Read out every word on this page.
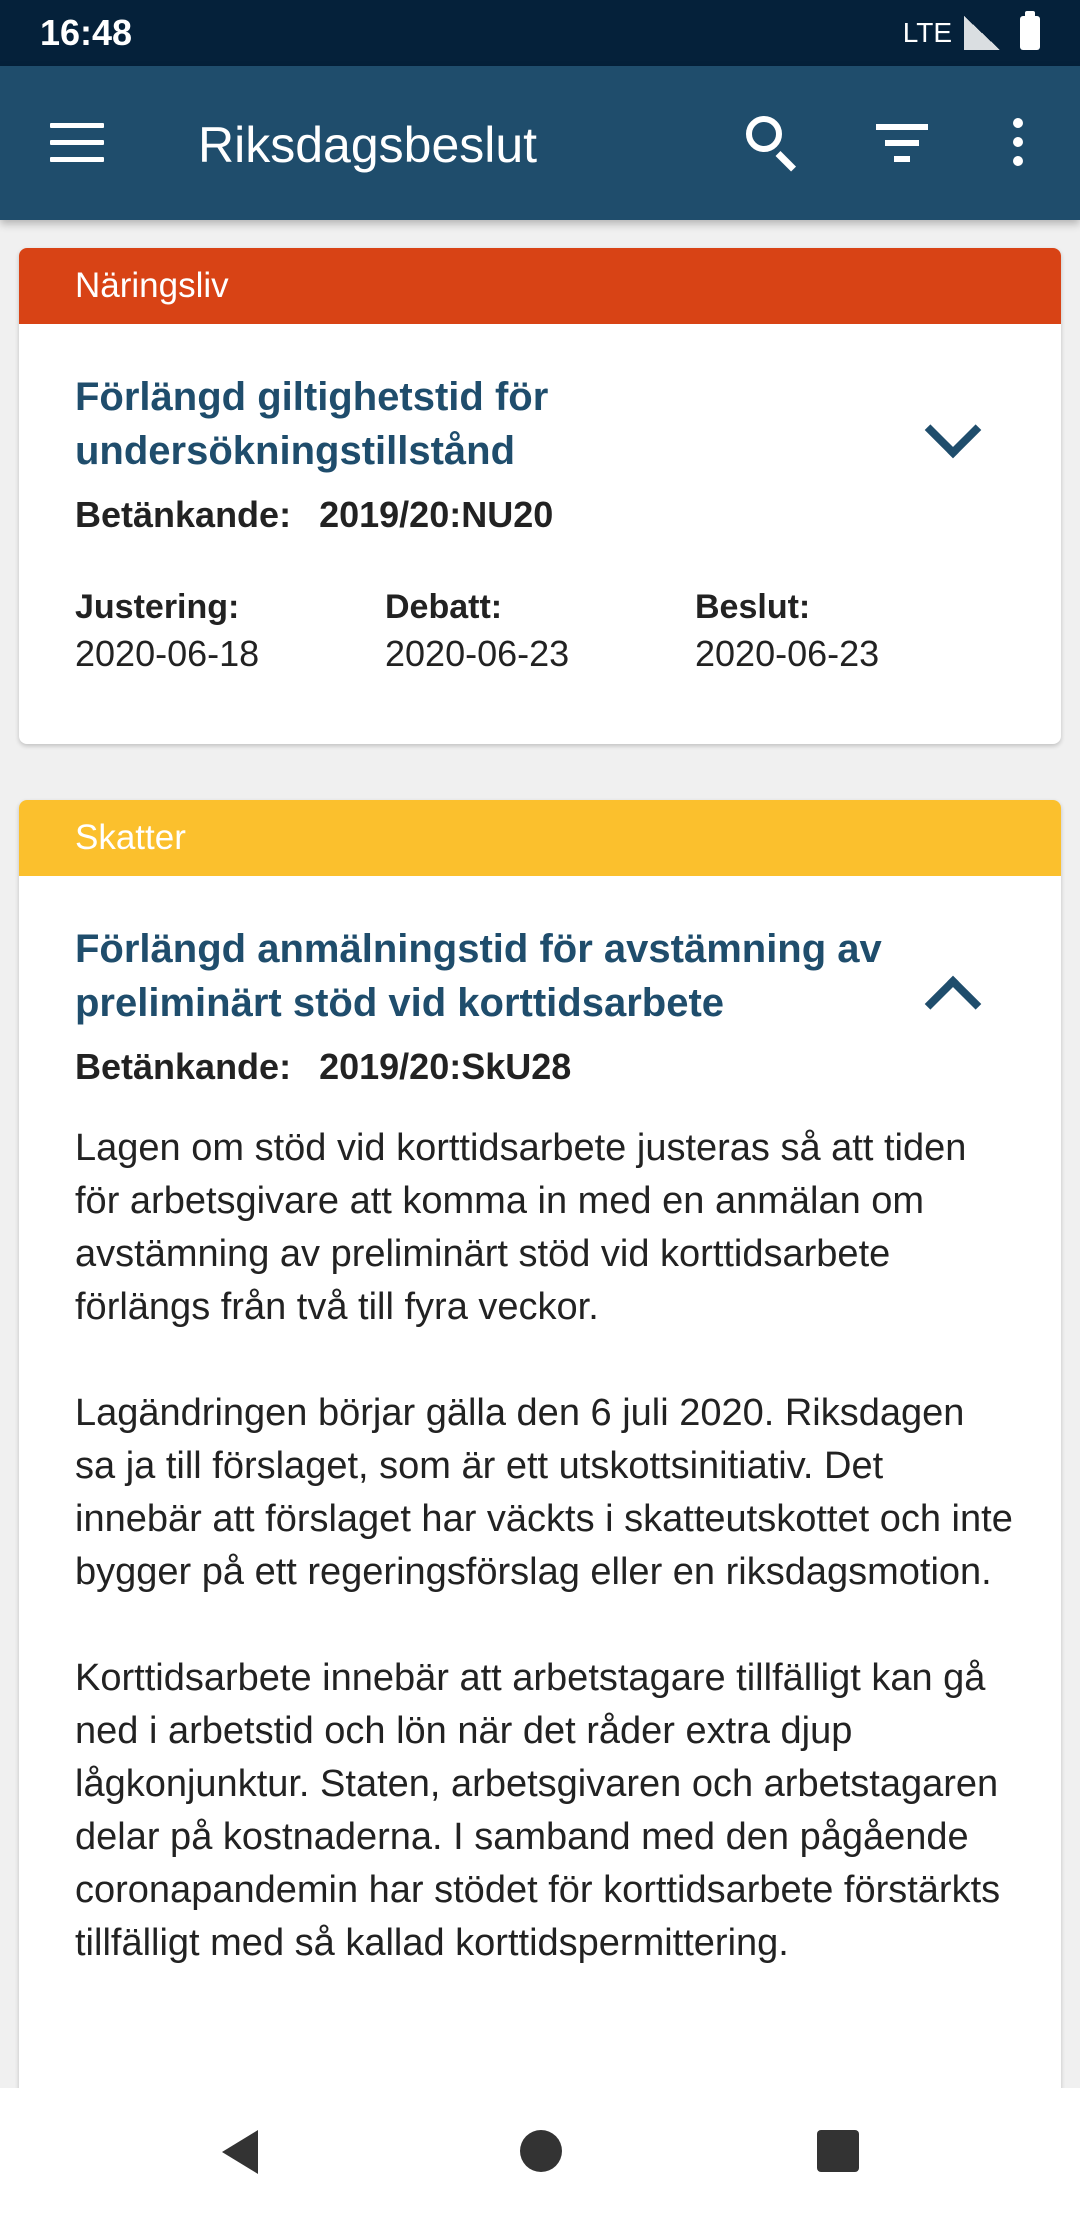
16:48	LTE
Riksdagsbeslut
Näringsliv
Förlängd giltighetstid för undersökningstillstånd
Betänkande: 2019/20:NU20
Justering:
2020-06-18
Debatt:
2020-06-23
Beslut:
2020-06-23
Skatter
Förlängd anmälningstid för avstämning av preliminärt stöd vid korttidsarbete
Betänkande: 2019/20:SkU28

Lagen om stöd vid korttidsarbete justeras så att tiden för arbetsgivare att komma in med en anmälan om avstämning av preliminärt stöd vid korttidsarbete förlängs från två till fyra veckor.

Lagändringen börjar gälla den 6 juli 2020. Riksdagen sa ja till förslaget, som är ett utskottsinitiativ. Det innebär att förslaget har väckts i skatteutskottet och inte bygger på ett regeringsförslag eller en riksdagsmotion.

Korttidsarbete innebär att arbetstagare tillfälligt kan gå ned i arbetstid och lön när det råder extra djup lågkonjunktur. Staten, arbetsgivaren och arbetstagaren delar på kostnaderna. I samband med den pågående coronapandemin har stödet för korttidsarbete förstärkts tillfälligt med så kallad korttidspermittering.
